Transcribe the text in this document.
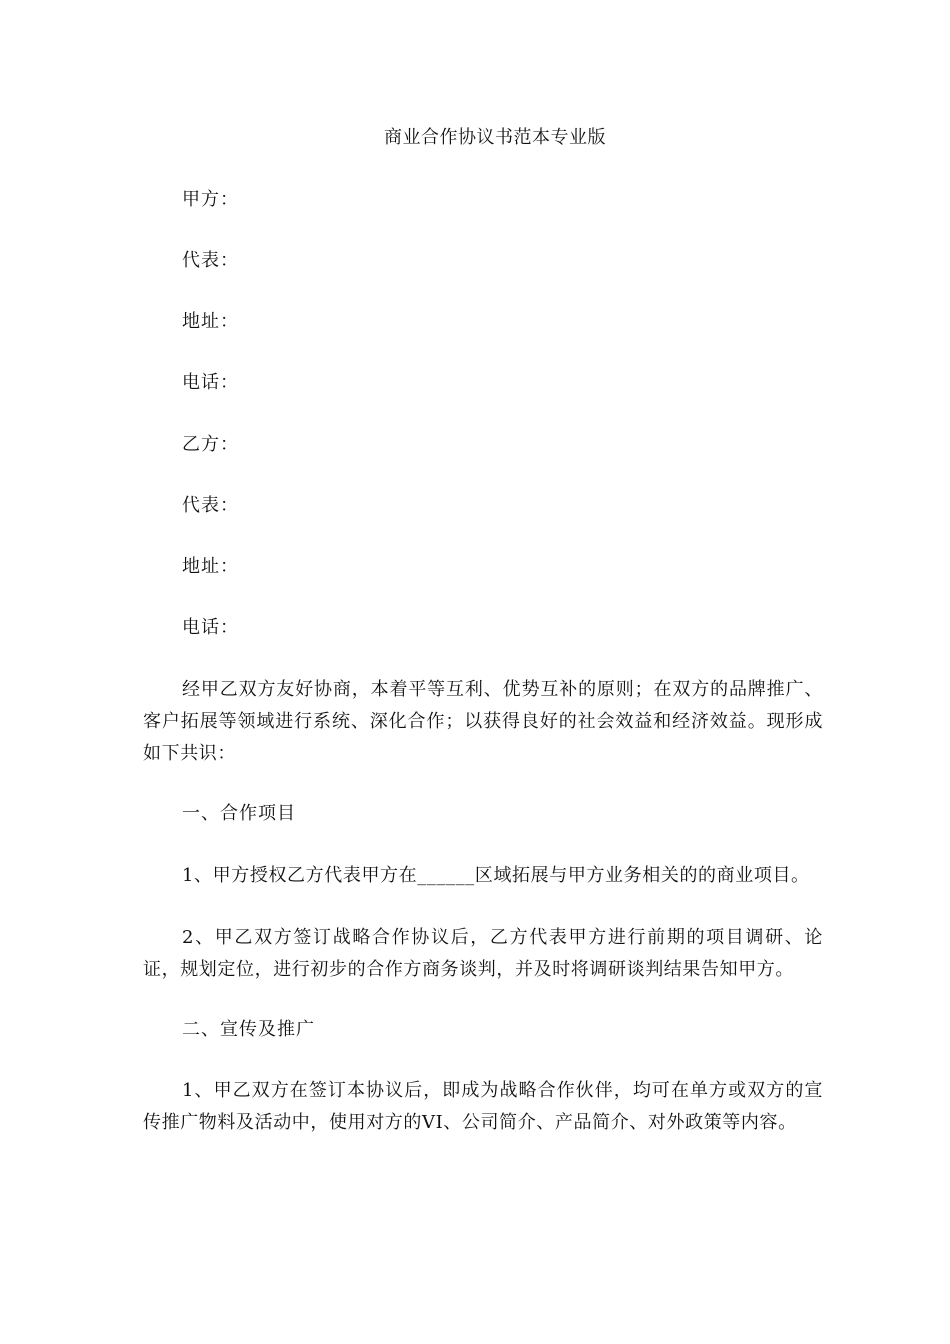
商业合作协议书范本专业版
甲方：
代表：
地址：
电话：
乙方：
代表：
地址：
电话：
经甲乙双方友好协商，本着平等互利、优势互补的原则；在双方的品牌推广、客户拓展等领域进行系统、深化合作；以获得良好的社会效益和经济效益。现形成如下共识：
一、合作项目
1、甲方授权乙方代表甲方在______区域拓展与甲方业务相关的的商业项目。
2、甲乙双方签订战略合作协议后，乙方代表甲方进行前期的项目调研、论证，规划定位，进行初步的合作方商务谈判，并及时将调研谈判结果告知甲方。
二、宣传及推广
1、甲乙双方在签订本协议后，即成为战略合作伙伴，均可在单方或双方的宣传推广物料及活动中，使用对方的VI、公司简介、产品简介、对外政策等内容。
